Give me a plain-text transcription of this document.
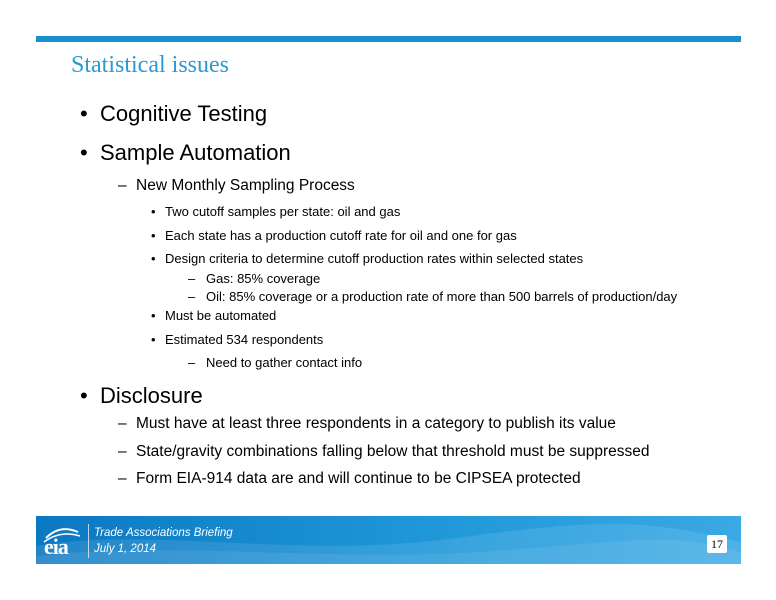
Statistical issues
• Cognitive Testing
• Sample Automation
– New Monthly Sampling Process
• Two cutoff samples per state: oil and gas
• Each state has a production cutoff rate for oil and one for gas
• Design criteria to determine cutoff production rates within selected states
– Gas: 85% coverage
– Oil: 85% coverage or a production rate of more than 500 barrels of production/day
• Must be automated
• Estimated 534 respondents
– Need to gather contact info
• Disclosure
– Must have at least three respondents in a category to publish its value
– State/gravity combinations falling below that threshold must be suppressed
– Form EIA-914 data are and will continue to be CIPSEA protected
eia
Trade Associations Briefing
July 1, 2014	17
